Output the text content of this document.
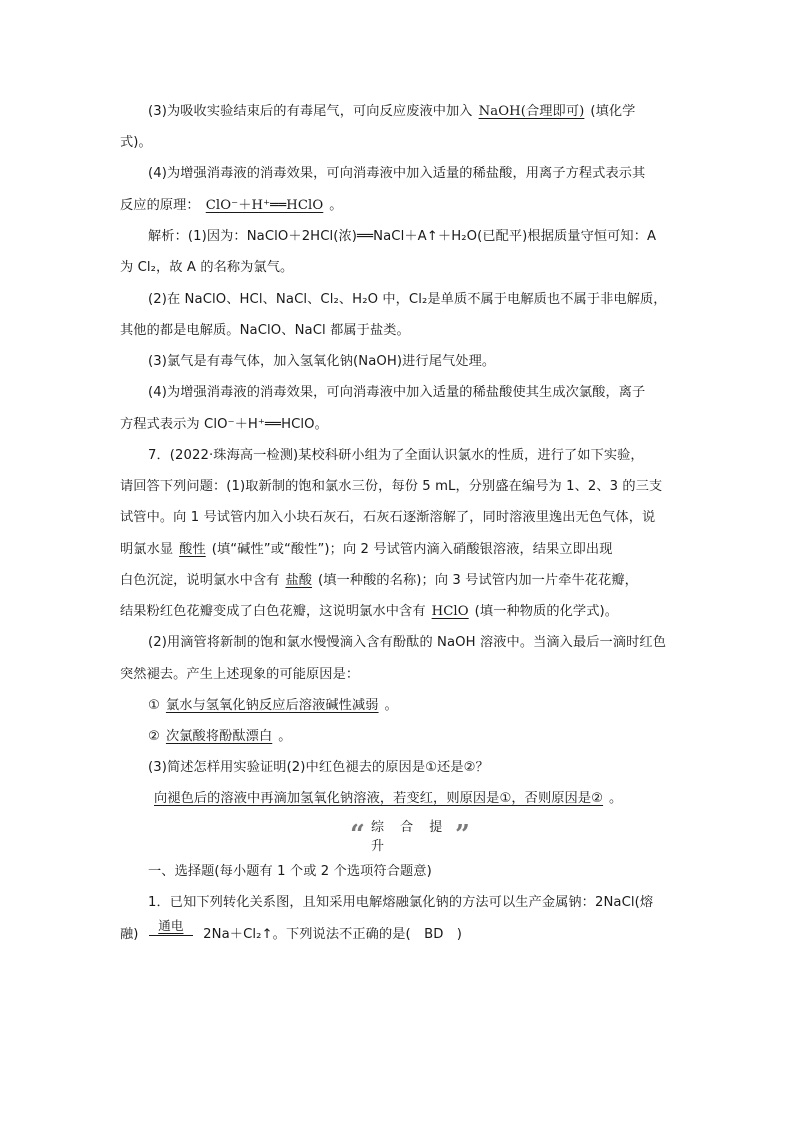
(3)为吸收实验结束后的有毒尾气，可向反应废液中加入 NaOH(合理即可) (填化学
式)。
(4)为增强消毒液的消毒效果，可向消毒液中加入适量的稀盐酸，用离子方程式表示其
反应的原理： ClO⁻＋H⁺══HClO 。
解析：(1)因为：NaClO＋2HCl(浓)══NaCl＋A↑＋H₂O(已配平)根据质量守恒可知：A
为 Cl₂，故 A 的名称为氯气。
(2)在 NaClO、HCl、NaCl、Cl₂、H₂O 中，Cl₂是单质不属于电解质也不属于非电解质，
其他的都是电解质。NaClO、NaCl 都属于盐类。
(3)氯气是有毒气体，加入氢氧化钠(NaOH)进行尾气处理。
(4)为增强消毒液的消毒效果，可向消毒液中加入适量的稀盐酸使其生成次氯酸，离子
方程式表示为 ClO⁻＋H⁺══HClO。
7．(2022·珠海高一检测)某校科研小组为了全面认识氯水的性质，进行了如下实验，
请回答下列问题：(1)取新制的饱和氯水三份，每份 5 mL，分别盛在编号为 1、2、3 的三支
试管中。向 1 号试管内加入小块石灰石，石灰石逐渐溶解了，同时溶液里逸出无色气体，说
明氯水显 酸性 (填“碱性”或“酸性”)；向 2 号试管内滴入硝酸银溶液，结果立即出现
白色沉淀，说明氯水中含有 盐酸 (填一种酸的名称)；向 3 号试管内加一片牵牛花花瓣，
结果粉红色花瓣变成了白色花瓣，这说明氯水中含有 HClO (填一种物质的化学式)。
(2)用滴管将新制的饱和氯水慢慢滴入含有酚酞的 NaOH 溶液中。当滴入最后一滴时红色
突然褪去。产生上述现象的可能原因是：
① 氯水与氢氧化钠反应后溶液碱性减弱 。
② 次氯酸将酚酞漂白 。
(3)简述怎样用实验证明(2)中红色褪去的原因是①还是②？
向褪色后的溶液中再滴加氢氧化钠溶液，若变红，则原因是①，否则原因是② 。
“ 综 合 提 升	”
一、选择题(每小题有 1 个或 2 个选项符合题意)
1．已知下列转化关系图，且知采用电解熔融氯化钠的方法可以生产金属钠：2NaCl(熔
融)
通电
2Na＋Cl₂↑。下列说法不正确的是(　BD　)
